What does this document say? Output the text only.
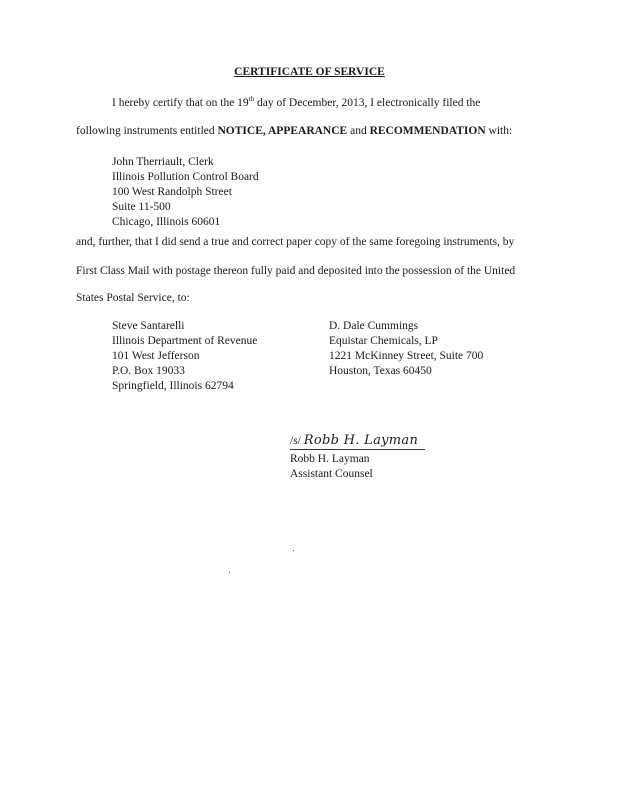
CERTIFICATE OF SERVICE
I hereby certify that on the 19th day of December, 2013, I electronically filed the
following instruments entitled NOTICE, APPEARANCE and RECOMMENDATION with:
John Therriault, Clerk
Illinois Pollution Control Board
100 West Randolph Street
Suite 11-500
Chicago, Illinois 60601
and, further, that I did send a true and correct paper copy of the same foregoing instruments, by
First Class Mail with postage thereon fully paid and deposited into the possession of the United
States Postal Service, to:
Steve Santarelli
Illinois Department of Revenue
101 West Jefferson
P.O. Box 19033
Springfield, Illinois 62794
D. Dale Cummings
Equistar Chemicals, LP
1221 McKinney Street, Suite 700
Houston, Texas 60450
/s/ Robb H. Layman
Robb H. Layman
Assistant Counsel
